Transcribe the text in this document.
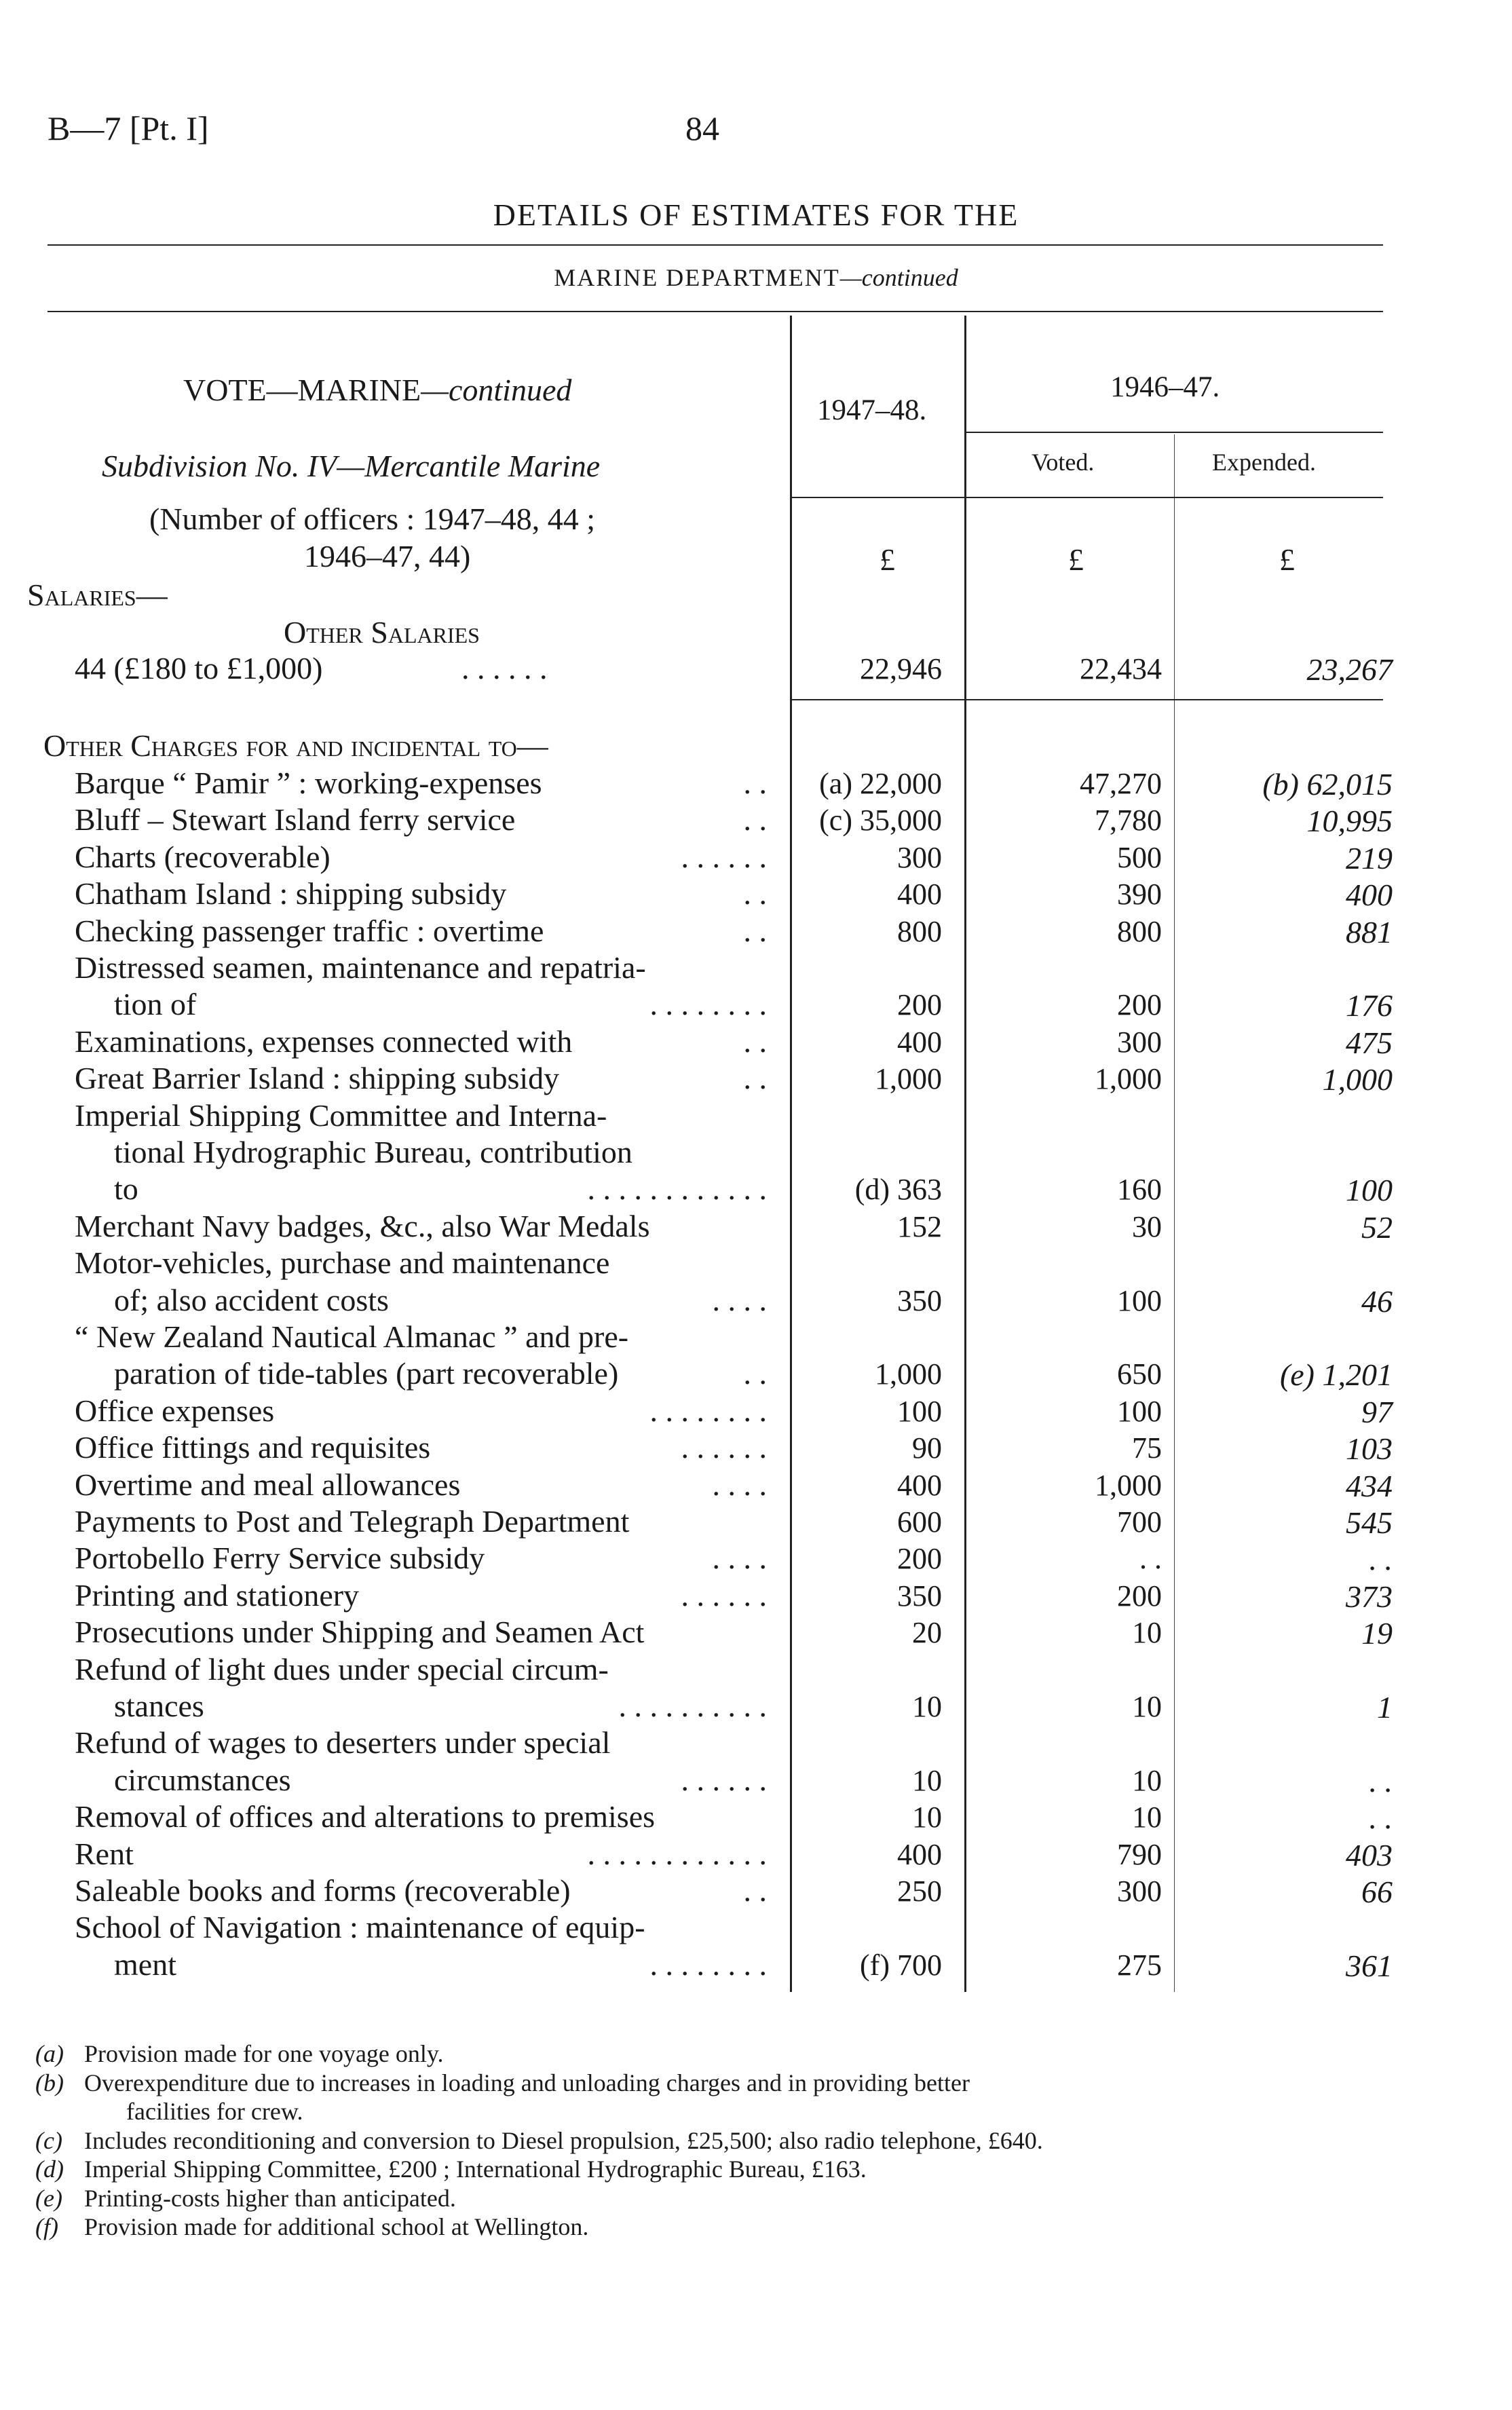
B—7 [Pt. I]	84
DETAILS OF ESTIMATES FOR THE
MARINE DEPARTMENT—continued
VOTE—MARINE—continued
Subdivision No. IV—Mercantile Marine
(Number of officers : 1947–48, 44 ;
1946–47, 44)
1947–48.
1946–47.
Voted.	Expended.
£	£	£
Salaries—
Other Salaries
44 (£180 to £1,000)	. . . . . .	22,946	22,434	23,267
Other Charges for and incidental to—
Barque “ Pamir ” : working-expenses	. .	(a) 22,000	47,270	(b) 62,015
Bluff – Stewart Island ferry service	. .	(c) 35,000	7,780	10,995
Charts (recoverable)	. . . . . .	300	500	219
Chatham Island : shipping subsidy	. .	400	390	400
Checking passenger traffic : overtime	. .	800	800	881
Distressed seamen, maintenance and repatria-
tion of	. . . . . . . .	200	200	176
Examinations, expenses connected with	. .	400	300	475
Great Barrier Island : shipping subsidy	. .	1,000	1,000	1,000
Imperial Shipping Committee and Interna-
tional Hydrographic Bureau, contribution
to	. . . . . . . . . . . .	(d) 363	160	100
Merchant Navy badges, &c., also War Medals	152	30	52
Motor-vehicles, purchase and maintenance
of; also accident costs	. . . .	350	100	46
“ New Zealand Nautical Almanac ” and pre-
paration of tide-tables (part recoverable)	. .	1,000	650	(e) 1,201
Office expenses	. . . . . . . .	100	100	97
Office fittings and requisites	. . . . . .	90	75	103
Overtime and meal allowances	. . . .	400	1,000	434
Payments to Post and Telegraph Department	600	700	545
Portobello Ferry Service subsidy	. . . .	200	. .	. .
Printing and stationery	. . . . . .	350	200	373
Prosecutions under Shipping and Seamen Act	20	10	19
Refund of light dues under special circum-
stances	. . . . . . . . . .	10	10	1
Refund of wages to deserters under special
circumstances	. . . . . .	10	10	. .
Removal of offices and alterations to premises	10	10	. .
Rent	. . . . . . . . . . . .	400	790	403
Saleable books and forms (recoverable)	. .	250	300	66
School of Navigation : maintenance of equip-
ment	. . . . . . . .	(f) 700	275	361
(a) Provision made for one voyage only.
(b) Overexpenditure due to increases in loading and unloading charges and in providing better
facilities for crew.
(c) Includes reconditioning and conversion to Diesel propulsion, £25,500; also radio telephone, £640.
(d) Imperial Shipping Committee, £200 ; International Hydrographic Bureau, £163.
(e) Printing-costs higher than anticipated.
(f) Provision made for additional school at Wellington.
